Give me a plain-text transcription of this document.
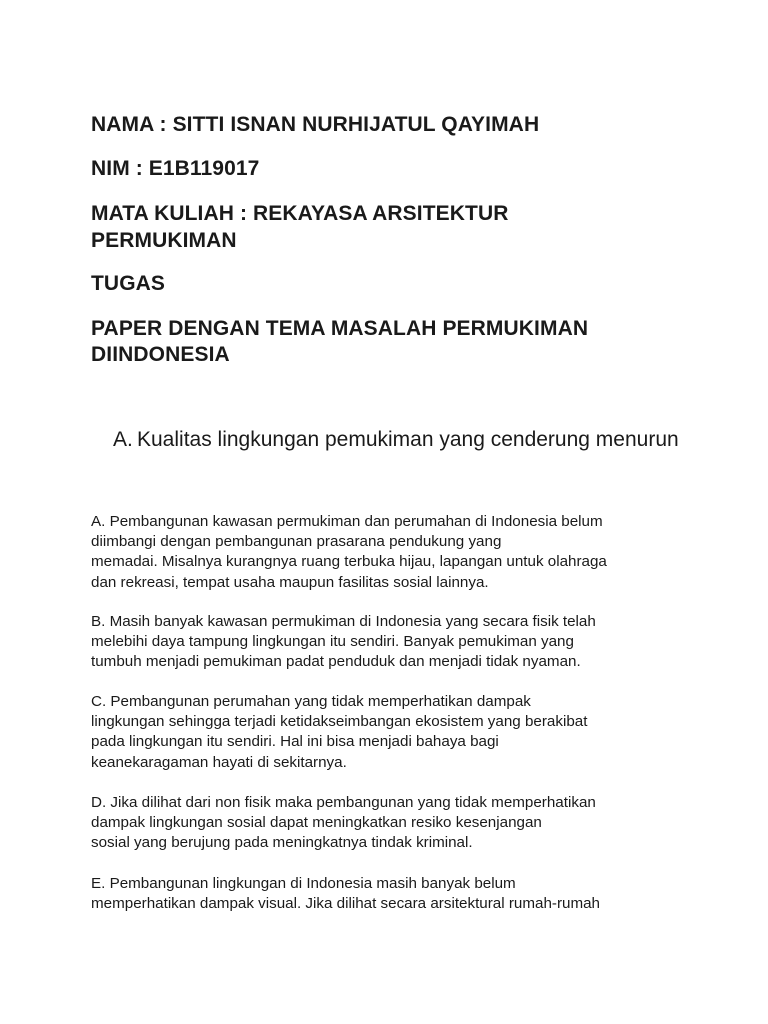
NAMA : SITTI ISNAN NURHIJATUL QAYIMAH

NIM : E1B119017

MATA KULIAH : REKAYASA ARSITEKTUR

PERMUKIMAN

TUGAS

PAPER DENGAN TEMA MASALAH PERMUKIMAN

DIINDONESIA

A. Kualitas lingkungan pemukiman yang cenderung menurun
A. Pembangunan kawasan permukiman dan perumahan di Indonesia belum
diimbangi dengan pembangunan prasarana pendukung yang
memadai. Misalnya kurangnya ruang terbuka hijau, lapangan untuk olahraga
dan rekreasi, tempat usaha maupun fasilitas sosial lainnya.
B. Masih banyak kawasan permukiman di Indonesia yang secara fisik telah
melebihi daya tampung lingkungan itu sendiri. Banyak pemukiman yang
tumbuh menjadi pemukiman padat penduduk dan menjadi tidak nyaman.
C. Pembangunan perumahan yang tidak memperhatikan dampak
lingkungan sehingga terjadi ketidakseimbangan ekosistem yang berakibat
pada lingkungan itu sendiri. Hal ini bisa menjadi bahaya bagi
keanekaragaman hayati di sekitarnya.
D. Jika dilihat dari non fisik maka pembangunan yang tidak memperhatikan
dampak lingkungan sosial dapat meningkatkan resiko kesenjangan
sosial yang berujung pada meningkatnya tindak kriminal.
E. Pembangunan lingkungan di Indonesia masih banyak belum
memperhatikan dampak visual. Jika dilihat secara arsitektural rumah-rumah
